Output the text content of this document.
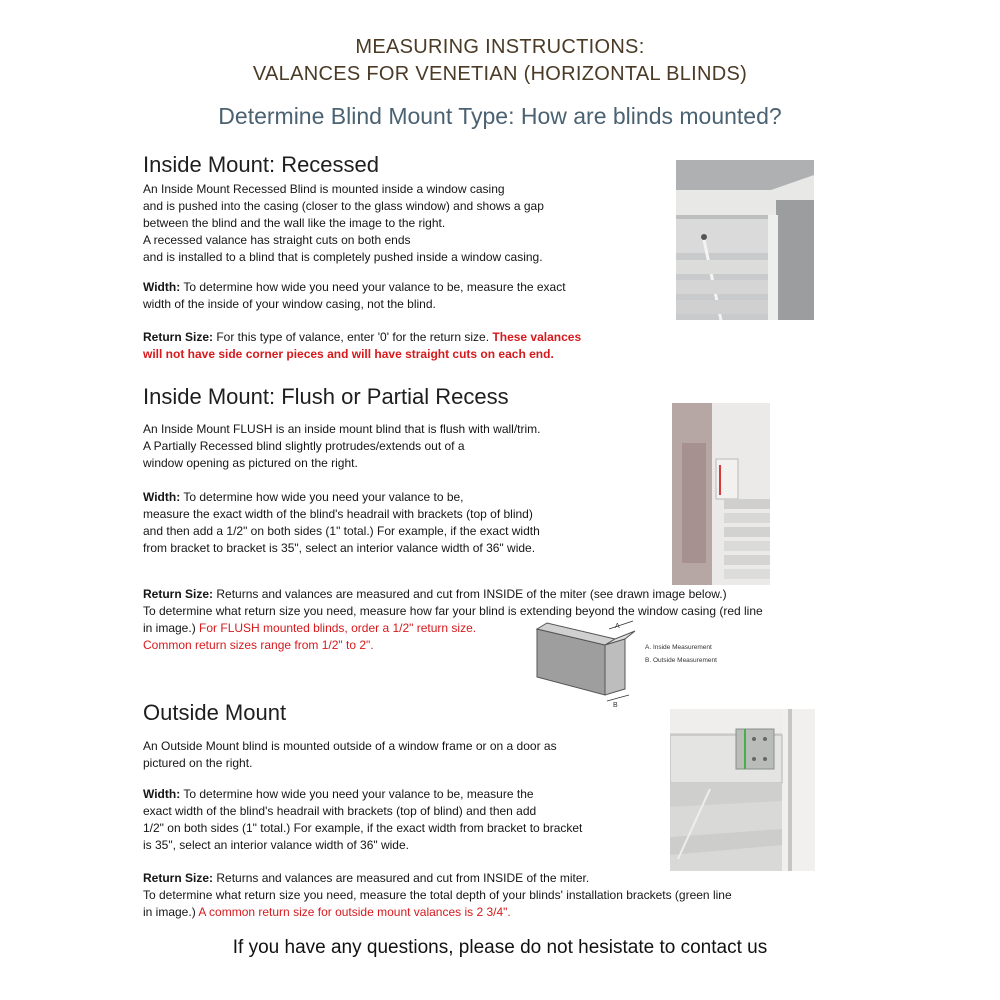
MEASURING INSTRUCTIONS:
VALANCES FOR VENETIAN (HORIZONTAL BLINDS)
Determine Blind Mount Type: How are blinds mounted?
Inside Mount: Recessed
An Inside Mount Recessed Blind is mounted inside a window casing
and is pushed into the casing (closer to the glass window) and shows a gap
between the blind and the wall like the image to the right.
A recessed valance has straight cuts on both ends
and is installed to a blind that is completely pushed inside a window casing.
Width: To determine how wide you need your valance to be, measure the exact
width of the inside of your window casing, not the blind.
Return Size: For this type of valance, enter '0' for the return size. These valances
will not have side corner pieces and will have straight cuts on each end.
Inside Mount: Flush or Partial Recess
An Inside Mount FLUSH is an inside mount blind that is flush with wall/trim.
A Partially Recessed blind slightly protrudes/extends out of a
window opening as pictured on the right.
Width: To determine how wide you need your valance to be,
measure the exact width of the blind's headrail with brackets (top of blind)
and then add a 1/2" on both sides (1" total.) For example, if the exact width
from bracket to bracket is 35", select an interior valance width of 36" wide.
Return Size: Returns and valances are measured and cut from INSIDE of the miter (see drawn image below.)
To determine what return size you need, measure how far your blind is extending beyond the window casing (red line
in image.) For FLUSH mounted blinds, order a 1/2" return size.
Common return sizes range from 1/2" to 2".
A
B
A. Inside Measurement
B. Outside Measurement
Outside Mount
An Outside Mount blind is mounted outside of a window frame or on a door as
pictured on the right.
Width: To determine how wide you need your valance to be, measure the
exact width of the blind's headrail with brackets (top of blind) and then add
1/2" on both sides (1" total.) For example, if the exact width from bracket to bracket
is 35", select an interior valance width of 36" wide.
Return Size: Returns and valances are measured and cut from INSIDE of the miter.
To determine what return size you need, measure the total depth of your blinds' installation brackets (green line
in image.) A common return size for outside mount valances is 2 3/4".
If you have any questions, please do not hesistate to contact us
